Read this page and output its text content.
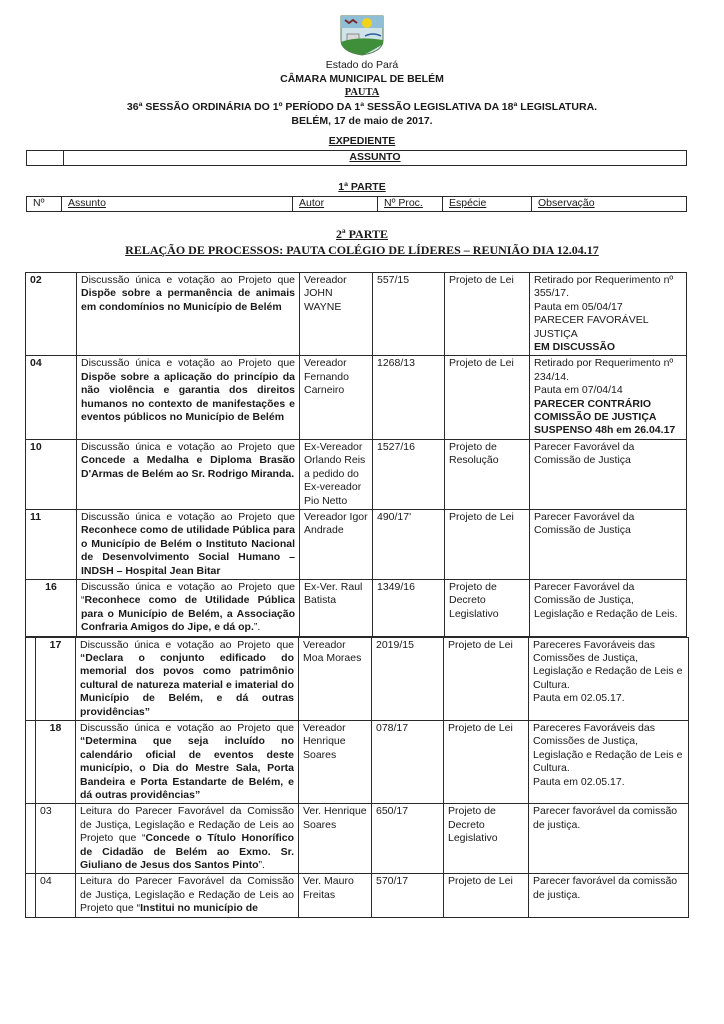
Estado do Pará
CÂMARA MUNICIPAL DE BELÉM
PAUTA
36ª SESSÃO ORDINÁRIA DO 1º PERÍODO DA 1ª SESSÃO LEGISLATIVA DA 18ª LEGISLATURA.
BELÉM, 17 de maio de 2017.
EXPEDIENTE
	ASSUNTO
1ª PARTE
Nº	Assunto	Autor	Nº Proc.	Espécie	Observação
2ª PARTE
RELAÇÃO DE PROCESSOS: PAUTA COLÉGIO DE LÍDERES – REUNIÃO DIA 12.04.17
02	Discussão única e votação ao Projeto que Dispõe sobre a permanência de animais em condomínios no Município de Belém	Vereador JOHN WAYNE	557/15	Projeto de Lei	Retirado por Requerimento nº 355/17.
Pauta em 05/04/17
PARECER FAVORÁVEL JUSTIÇA
EM DISCUSSÃO

04	Discussão única e votação ao Projeto que Dispõe sobre a aplicação do princípio da não violência e garantia dos direitos humanos no contexto de manifestações e eventos públicos no Município de Belém	Vereador Fernando Carneiro	1268/13	Projeto de Lei	Retirado por Requerimento nº 234/14.
Pauta em 07/04/14
PARECER CONTRÁRIO COMISSÃO DE JUSTIÇA SUSPENSO 48h em 26.04.17

10	Discussão única e votação ao Projeto que Concede a Medalha e Diploma Brasão D'Armas de Belém ao Sr. Rodrigo Miranda.	Ex-Vereador Orlando Reis a pedido do Ex-vereador Pio Netto	1527/16	Projeto de Resolução	Parecer Favorável da Comissão de Justiça

11	Discussão única e votação ao Projeto que Reconhece como de utilidade Pública para o Município de Belém o Instituto Nacional de Desenvolvimento Social Humano – INDSH – Hospital Jean Bitar	Vereador Igor Andrade	490/17'	Projeto de Lei	Parecer Favorável da Comissão de Justiça

16	Discussão única e votação ao Projeto que “Reconhece como de Utilidade Pública para o Município de Belém, a Associação Confraria Amigos do Jipe, e dá op.”.	Ex-Ver. Raul Batista	1349/16	Projeto de Decreto Legislativo	Parecer Favorável da Comissão de Justiça, Legislação e Redação de Leis.
	17	Discussão única e votação ao Projeto que “Declara o conjunto edificado do memorial dos povos como patrimônio cultural de natureza material e imaterial do Município de Belém, e dá outras providências”	Vereador Moa Moraes	2019/15	Projeto de Lei	Pareceres Favoráveis das Comissões de Justiça, Legislação e Redação de Leis e Cultura.
Pauta em 02.05.17.

	18	Discussão única e votação ao Projeto que “Determina que seja incluído no calendário oficial de eventos deste município, o Dia do Mestre Sala, Porta Bandeira e Porta Estandarte de Belém, e dá outras providências”	Vereador Henrique Soares	078/17	Projeto de Lei	Pareceres Favoráveis das Comissões de Justiça, Legislação e Redação de Leis e Cultura.
Pauta em 02.05.17.

	03	Leitura do Parecer Favorável da Comissão de Justiça, Legislação e Redação de Leis ao Projeto que “Concede o Título Honorífico de Cidadão de Belém ao Exmo. Sr. Giuliano de Jesus dos Santos Pinto”.	Ver. Henrique Soares	650/17	Projeto de Decreto Legislativo	Parecer favorável da comissão de justiça.

	04	Leitura do Parecer Favorável da Comissão de Justiça, Legislação e Redação de Leis ao Projeto que “Institui no município de	Ver. Mauro Freitas	570/17	Projeto de Lei	Parecer favorável da comissão de justiça.
